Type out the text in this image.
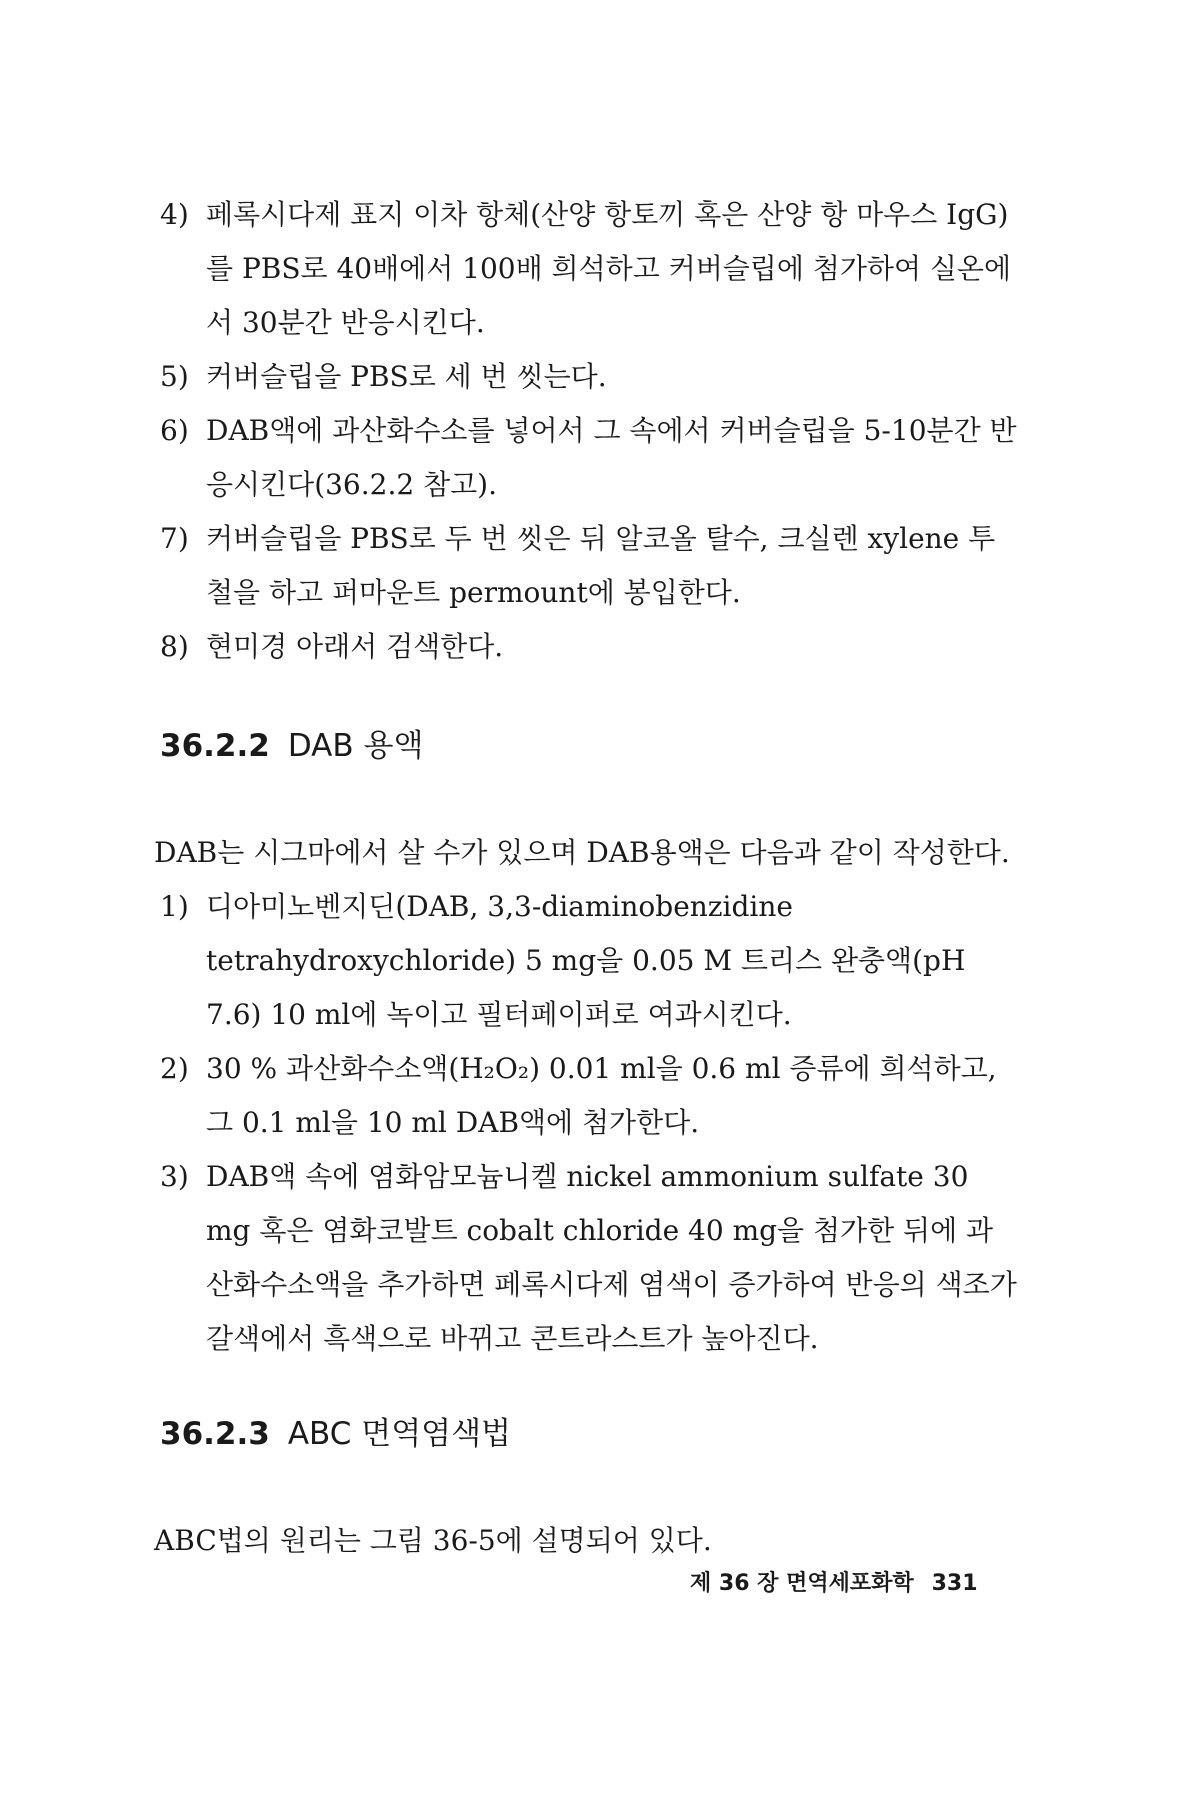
4) 페록시다제 표지 이차 항체(산양 항토끼 혹은 산양 항 마우스 IgG)를 PBS로 40배에서 100배 희석하고 커버슬립에 첨가하여 실온에서 30분간 반응시킨다.
5) 커버슬립을 PBS로 세 번 씻는다.
6) DAB액에 과산화수소를 넣어서 그 속에서 커버슬립을 5-10분간 반응시킨다(36.2.2 참고).
7) 커버슬립을 PBS로 두 번 씻은 뒤 알코올 탈수, 크실렌 xylene 투철을 하고 퍼마운트 permount에 봉입한다.
8) 현미경 아래서 검색한다.
36.2.2 DAB 용액
DAB는 시그마에서 살 수가 있으며 DAB용액은 다음과 같이 작성한다.
1) 디아미노벤지딘(DAB, 3,3-diaminobenzidine tetrahydroxychloride) 5 mg을 0.05 M 트리스 완충액(pH 7.6) 10 ml에 녹이고 필터페이퍼로 여과시킨다.
2) 30 % 과산화수소액(H₂O₂) 0.01 ml을 0.6 ml 증류에 희석하고, 그 0.1 ml을 10 ml DAB액에 첨가한다.
3) DAB액 속에 염화암모늄니켈 nickel ammonium sulfate 30 mg 혹은 염화코발트 cobalt chloride 40 mg을 첨가한 뒤에 과산화수소액을 추가하면 페록시다제 염색이 증가하여 반응의 색조가 갈색에서 흑색으로 바뀌고 콘트라스트가 높아진다.
36.2.3 ABC 면역염색법
ABC법의 원리는 그림 36-5에 설명되어 있다.
제 36 장 면역세포화학 331
